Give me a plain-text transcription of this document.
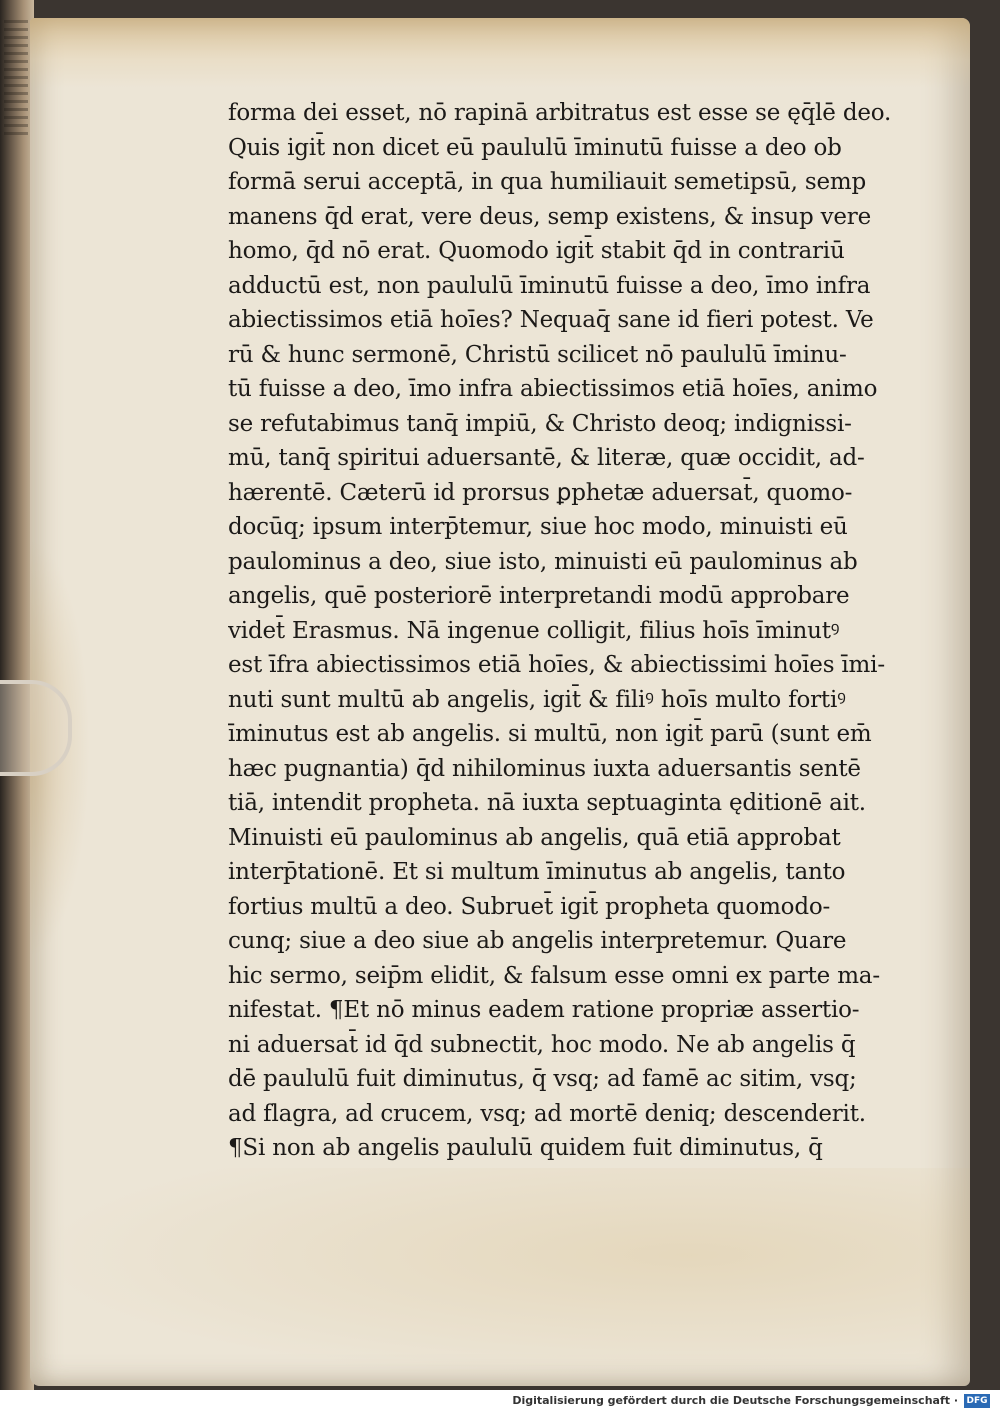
forma dei esset, nō rapinā arbitratus est esse se ęq̄lē deo.
Quis igit̄ non dicet eū paululū īminutū fuisse a deo ob
formā serui acceptā, in qua humiliauit semetipsū, semp
manens q̄d erat, vere deus, semp existens, & insup vere
homo, q̄d nō erat. Quomodo igit̄ stabit q̄d in contrariū
adductū est, non paululū īminutū fuisse a deo, īmo infra
abiectissimos etiā hoīes? Nequaq̄ sane id fieri potest. Ve
rū & hunc sermonē, Christū scilicet nō paululū īminu-
tū fuisse a deo, īmo infra abiectissimos etiā hoīes, animo
se refutabimus tanq̄ impiū, & Christo deoq; indignissi-
mū, tanq̄ spiritui aduersantē, & literæ, quæ occidit, ad-
hærentē. Cæterū id prorsus ꝑphetæ aduersat̄, quomo-
docūq; ipsum interp̄temur, siue hoc modo, minuisti eū
paulominus a deo, siue isto, minuisti eū paulominus ab
angelis, quē posteriorē interpretandi modū approbare
videt̄ Erasmus. Nā ingenue colligit, filius hoīs īminutꝰ
est īfra abiectissimos etiā hoīes, & abiectissimi hoīes īmi-
nuti sunt multū ab angelis, igit̄ & filiꝰ hoīs multo fortiꝰ
īminutus est ab angelis. si multū, non igit̄ parū (sunt em̄
hæc pugnantia) q̄d nihilominus iuxta aduersantis sentē
tiā, intendit propheta. nā iuxta septuaginta ęditionē ait.
Minuisti eū paulominus ab angelis, quā etiā approbat
interp̄tationē. Et si multum īminutus ab angelis, tanto
fortius multū a deo. Subruet̄ igit̄ propheta quomodo-
cunq; siue a deo siue ab angelis interpretemur. Quare
hic sermo, seip̄m elidit, & falsum esse omni ex parte ma-
nifestat. ¶Et nō minus eadem ratione propriæ assertio-
ni aduersat̄ id q̄d subnectit, hoc modo. Ne ab angelis q̄
dē paululū fuit diminutus, q̄ vsq; ad famē ac sitim, vsq;
ad flagra, ad crucem, vsq; ad mortē deniq; descenderit.
¶Si non ab angelis paululū quidem fuit diminutus, q̄
Digitalisierung gefördert durch die Deutsche Forschungsgemeinschaft · DFG
